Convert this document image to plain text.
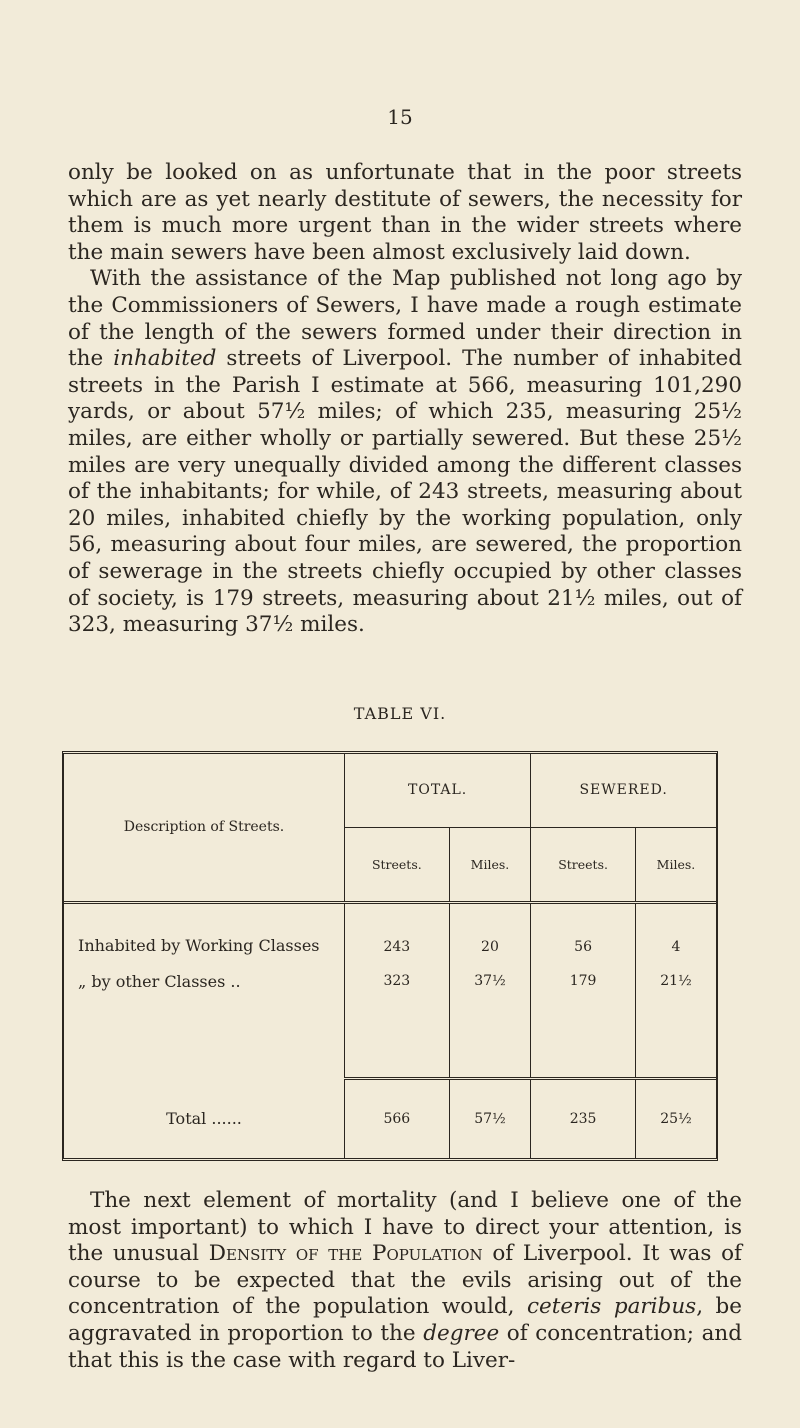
15

only be looked on as unfortunate that in the poor streets which are as yet nearly destitute of sewers, the necessity for them is much more urgent than in the wider streets where the main sewers have been almost exclusively laid down.
With the assistance of the Map published not long ago by the Commissioners of Sewers, I have made a rough estimate of the length of the sewers formed under their direction in the inhabited streets of Liverpool. The number of inhabited streets in the Parish I estimate at 566, measuring 101,290 yards, or about 57½ miles; of which 235, measuring 25½ miles, are either wholly or partially sewered. But these 25½ miles are very unequally divided among the different classes of the inhabitants; for while, of 243 streets, measuring about 20 miles, inhabited chiefly by the working population, only 56, measuring about four miles, are sewered, the proportion of sewerage in the streets chiefly occupied by other classes of society, is 179 streets, measuring about 21½ miles, out of 323, measuring 37½ miles.

TABLE VI.
Description of Streets.	TOTAL.		SEWERED.	
	Streets.	Miles.	Streets.	Miles.
Inhabited by Working Classes	243	20	56	4
„ by other Classes ..	323	37½	179	21½

Total ......	566	57½	235	25½

The next element of mortality (and I believe one of the most important) to which I have to direct your attention, is the unusual Density of the Population of Liverpool. It was of course to be expected that the evils arising out of the concentration of the population would, ceteris paribus, be aggravated in proportion to the degree of concentration; and that this is the case with regard to Liver-
